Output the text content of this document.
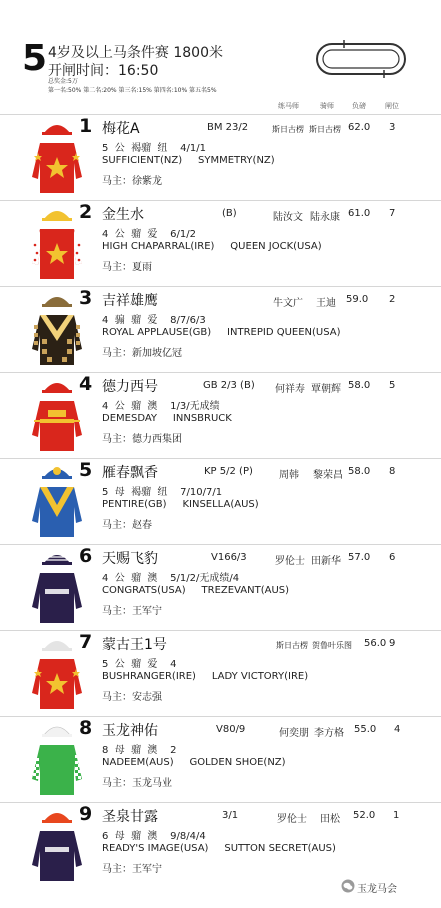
5 4岁及以上马条件赛 1800米
开闸时间：16:50
总奖金:5万
第一名:50% 第二名:20% 第三名:15% 第四名:10% 第五名5%
练马师	骑师	负磅	闸位
1 梅花A	BM 23/2	斯日古楞 斯日古楞 62.0 3
5  公  褐骝  纽    4/1/1
SUFFICIENT(NZ)     SYMMETRY(NZ)
马主：徐紫龙
2 金生水	(B)	陆汝文 陆永康 61.0 7
4  公  骝  爱    6/1/2
HIGH CHAPARRAL(IRE)     QUEEN JOCK(USA)
马主：夏雨
3 吉祥雄鹰	牛文广 王迪 59.0 2
4  骟  骝  爱    8/7/6/3
ROYAL APPLAUSE(GB)     INTREPID QUEEN(USA)
马主：新加坡亿冠
4 德力西号	GB 2/3 (B) 何祥寿 覃朝辉 58.0 5
4  公  骝  澳    1/3/无成绩
DEMESDAY     INNSBRUCK
马主：德力西集团
5 雁春飘香	KP 5/2 (P)	周韩 黎荣昌 58.0 8
5  母  褐骝  纽    7/10/7/1
PENTIRE(GB)     KINSELLA(AUS)
马主：赵春
6 天赐飞豹	V166/3	罗伦士 田新华 57.0 6
4  公  骝  澳    5/1/2/无成绩/4
CONGRATS(USA)     TREZEVANT(AUS)
马主：王军宁
7 蒙古王1号	斯日古楞 贺鲁叶乐图 56.0 9
5  公  骝  爱    4
BUSHRANGER(IRE)     LADY VICTORY(IRE)
马主：安志强
8 玉龙神佑	V80/9	何奕朋 李方格 55.0 4
8  母  骝  澳    2
NADEEM(AUS)     GOLDEN SHOE(NZ)
马主：玉龙马业
9 圣泉甘露	3/1	罗伦士 田松 52.0 1
6  母  骝  澳    9/8/4/4
READY'S IMAGE(USA)     SUTTON SECRET(AUS)
马主：王军宁
玉龙马会
